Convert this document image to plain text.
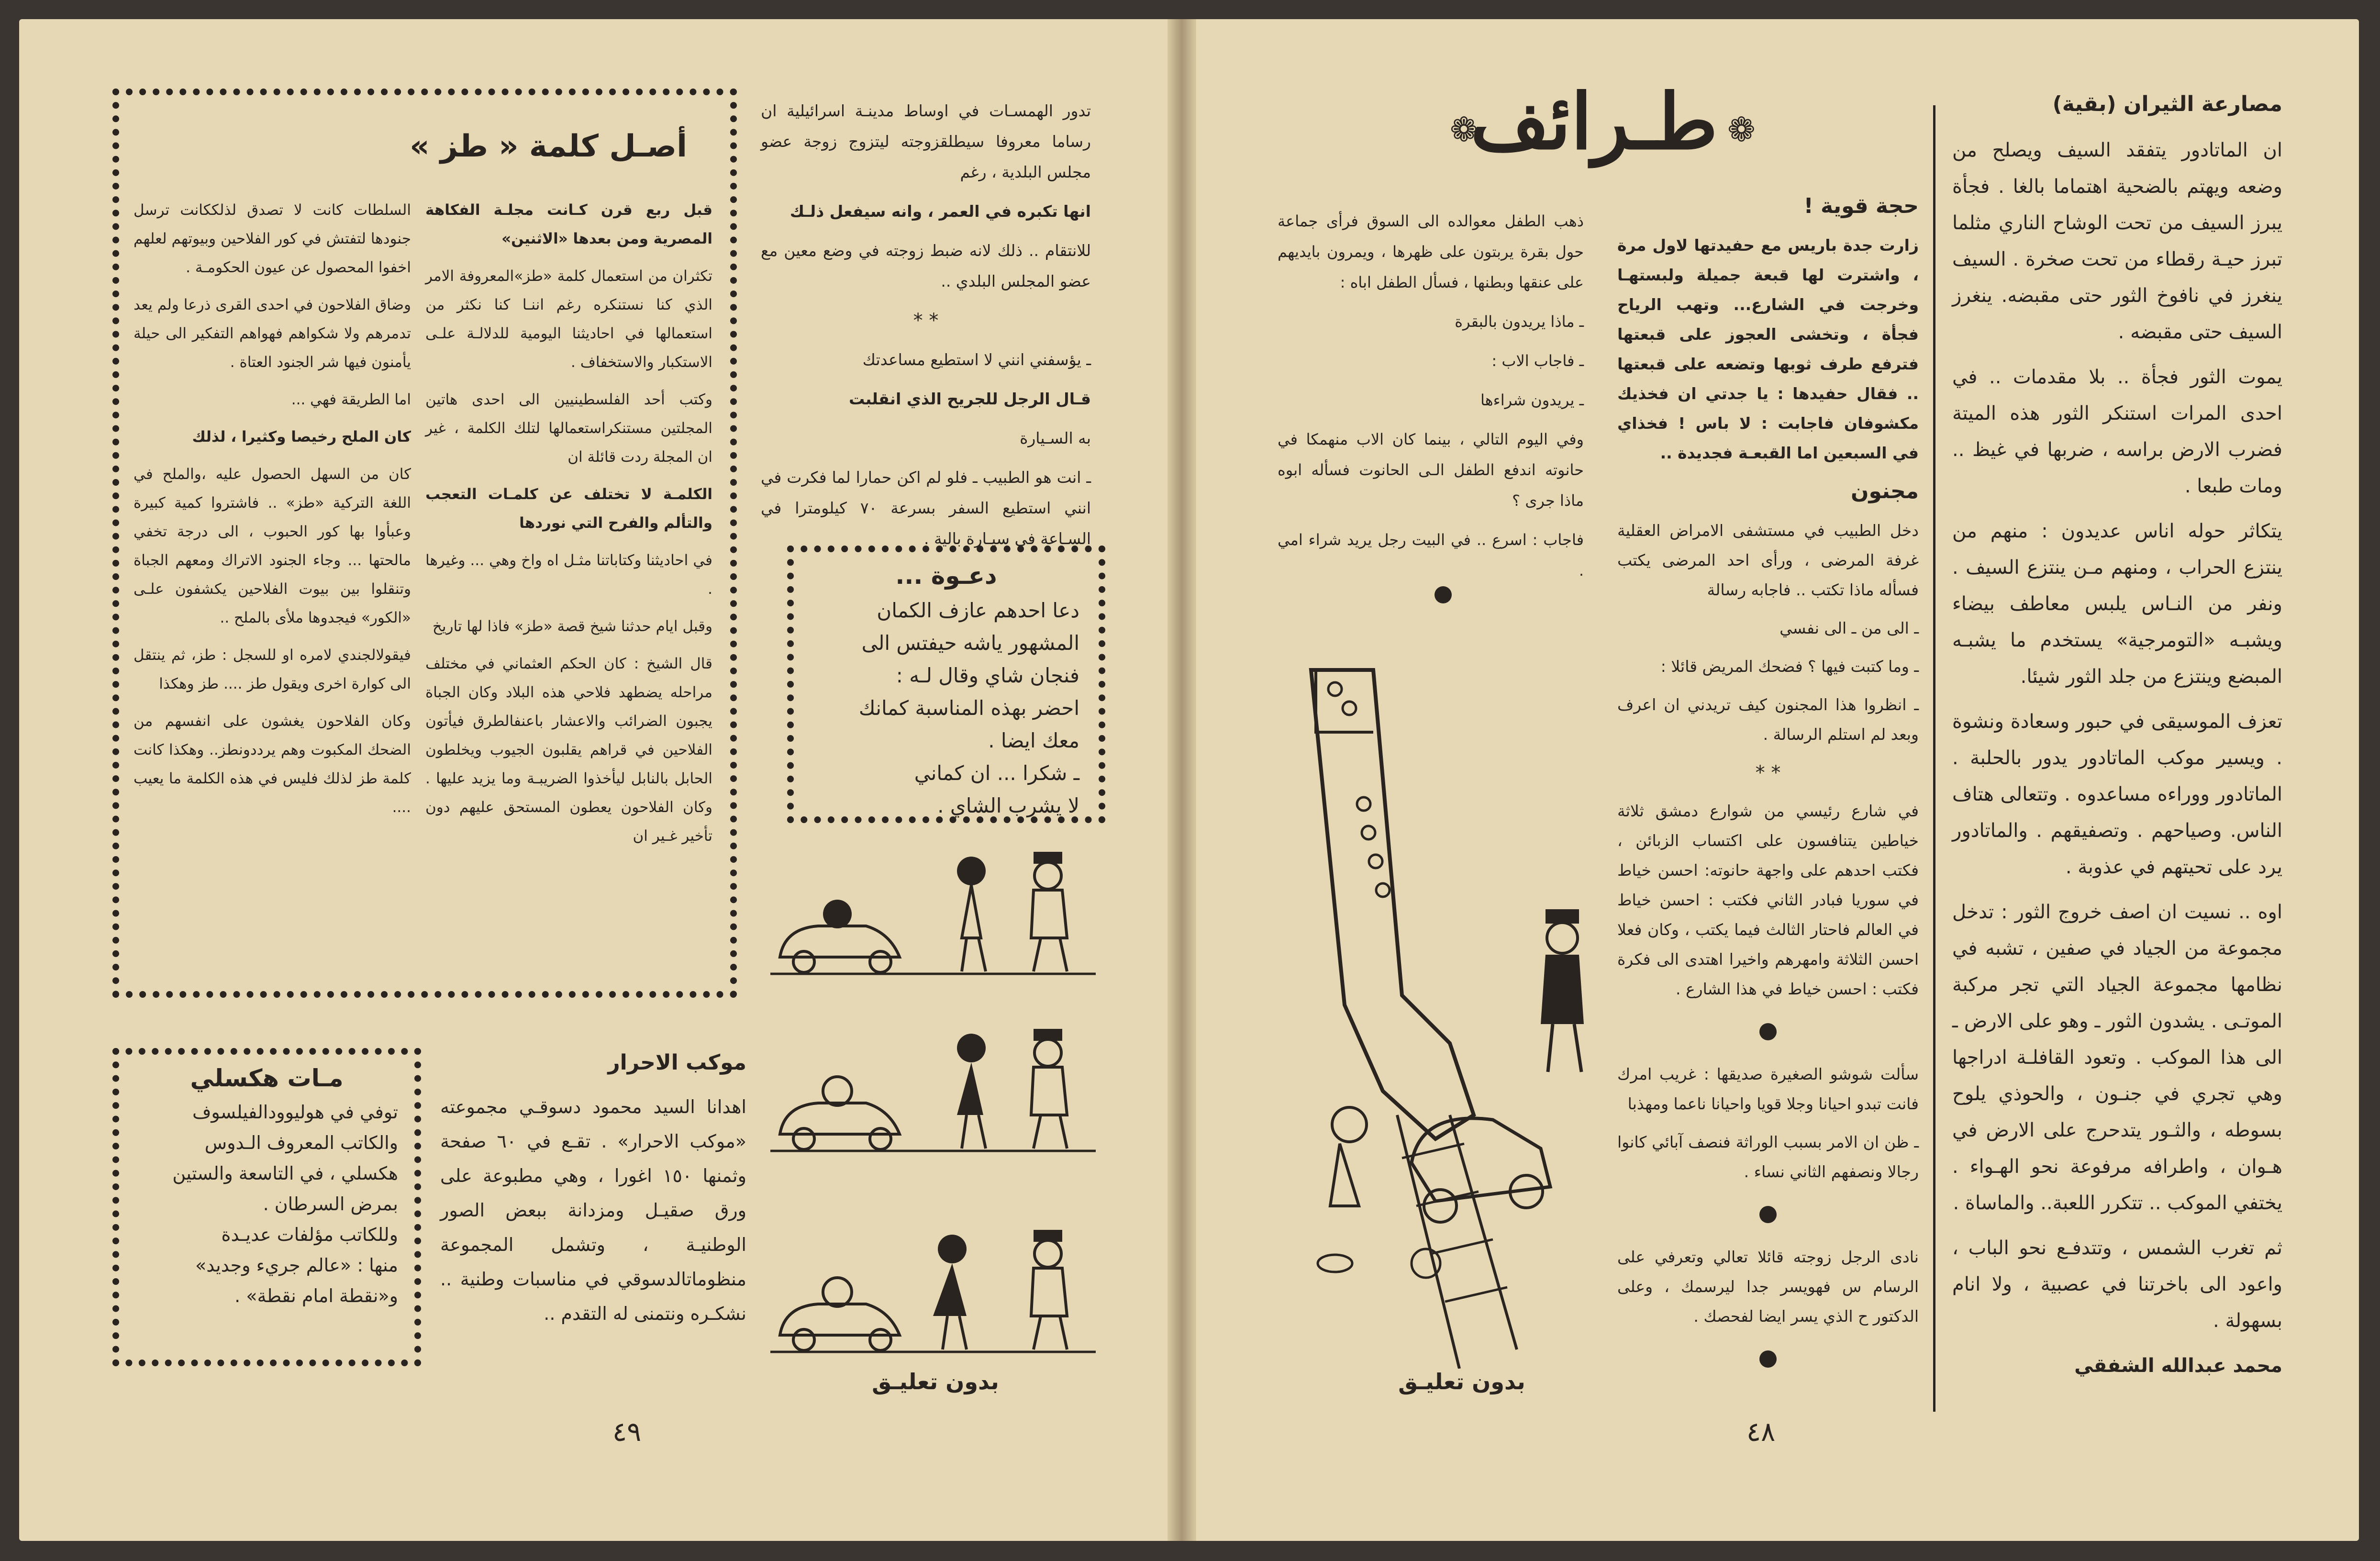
أصـل كلمة « طز »

قبل ربع قرن كـانت مجلـة الفكاهة المصرية ومن بعدها «الاثنين»

تكثران من استعمال كلمة «طز»المعروفة الامر الذي كنا نستنكره رغم اننـا كنا نكثر من استعمالها في احاديثنا اليومية للدلالـة علـى الاستكبار والاستخفاف .

وكتب أحد الفلسطينيين الى احدى هاتين المجلتين مستنكراستعمالها لتلك الكلمة ، غير ان المجلة ردت قائلة ان

الكلمـة لا تختلف عن كلمـات التعجب والتألم والفرح التي نوردها

في احاديثنا وكتاباتنا مثـل اه واخ وهي ... وغيرها .

وقبل ايام حدثنا شيخ قصة «طز» فاذا لها تاريخ

قال الشيخ : كان الحكم العثماني في مختلف مراحله يضطهد فلاحي هذه البلاد وكان الجباة يجبون الضرائب والاعشار باعنفالطرق فيأتون الفلاحين في قراهم يقلبون الجيوب ويخلطون الحابل بالنابل ليأخذوا الضريبـة وما يزيد عليها . وكان الفلاحون يعطون المستحق عليهم دون تأخير غـير ان

السلطات كانت لا تصدق لذلككانت ترسل جنودها لتفتش في كور الفلاحين وبيوتهم لعلهم اخفوا المحصول عن عيون الحكومـة .

وضاق الفلاحون في احدى القرى ذرعا ولم يعد تدمرهم ولا شكواهم فهواهم التفكير الى حيلة يأمنون فيها شر الجنود العتاة .

اما الطريقة فهي ...

كان الملح رخيصا وكثيرا ، لذلك

كان من السهل الحصول عليه ،والملح في اللغة التركية «طز» .. فاشتروا كمية كبيرة وعبأوا بها كور الحبوب ، الى درجة تخفي مالحتها ... وجاء الجنود الاتراك ومعهم الجباة وتنقلوا بين بيوت الفلاحين يكشفون علـى «الكور» فيجدوها ملأى بالملح ..

فيقولالجندي لامره او للسجل : طز، ثم ينتقل الى كوارة اخرى ويقول طز .... طز وهكذا

وكان الفلاحون يغشون على انفسهم من الضحك المكبوت وهم يرددونطز.. وهكذا كانت كلمة طز لذلك فليس في هذه الكلمة ما يعيب ....

تدور الهمسـات في اوساط مدينـة اسرائيلية ان رساما معروفا سيطلقزوجته ليتزوج زوجة عضو مجلس البلدية ، رغم

انها تكبره في العمر ، وانه سيفعل ذلـك

للانتقام .. ذلك لانه ضبط زوجته في وضع معين مع عضو المجلس البلدي ..

* *

ـ يؤسفني انني لا استطيع مساعدتك

قـال الرجل للجريح الذي انقلبت

به السـيارة

ـ انت هو الطبيب ـ فلو لم اكن حمارا لما فكرت في انني استطيع السفر بسرعة ٧٠ كيلومترا في السـاعة في سيـارة بالية .

دعـوة ...
دعا احدهم عازف الكمان
المشهور ياشه حيفتس الى
فنجان شاي وقال لـه :
احضر بهذه المناسبة كمانك
معك ايضا .
ـ شكرا ... ان كماني
لا يشرب الشاي .
بدون تعليـق
موكب الاحرار

اهدانا السيد محمود دسوقـي مجموعته «موكب الاحرار» . تقـع في ٦٠ صفحة وثمنها ١٥٠ اغورا ، وهي مطبوعة على ورق صقيـل ومزدانة ببعض الصور الوطنيـة ، وتشمل المجموعة منظوماتالدسوقي في مناسبات وطنية .. نشكـره ونتمنى له التقدم ..

مـات هكسلي
توفي في هوليوودالفيلسوف
والكاتب المعروف الـدوس
هكسلي ، في التاسعة والستين
بمرض السرطان .
وللكاتب مؤلفات عديـدة
منها : «عالم جريء وجديد»
و«نقطة امام نقطة» .
٤٩
مصارعة الثيران (بقية)

ان الماتادور يتفقد السيف ويصلح من وضعه ويهتم بالضحية اهتماما بالغا . فجأة يبرز السيف من تحت الوشاح الناري مثلما تبرز حيـة رقطاء من تحت صخرة . السيف ينغرز في نافوخ الثور حتى مقبضه. ينغرز السيف حتى مقبضه .

يموت الثور فجأة .. بلا مقدمات .. في احدى المرات استنكر الثور هذه الميتة فضرب الارض براسه ، ضربها في غيظ .. ومات طبعا .

يتكاثر حوله اناس عديدون : منهم من ينتزع الحراب ، ومنهم مـن ينتزع السيف . ونفر من النـاس يلبس معاطف بيضاء ويشبـه «التومرجية» يستخدم ما يشبـه المبضع وينتزع من جلد الثور شيئا.

تعزف الموسيقى في حبور وسعادة ونشوة . ويسير موكب الماتادور يدور بالحلبة . الماتادور ووراءه مساعدوه . وتتعالى هتاف الناس. وصياحهم . وتصفيقهم . والماتادور يرد على تحيتهم في عذوبة .

اوه .. نسيت ان اصف خروج الثور : تدخل مجموعة من الجياد في صفين ، تشبه في نظامها مجموعة الجياد التي تجر مركبة الموتـى . يشدون الثور ـ وهو على الارض ـ الى هذا الموكب . وتعود القافلـة ادراجها وهي تجري في جنـون ، والحوذي يلوح بسوطه ، والثـور يتدحرج على الارض في هـوان ، واطرافه مرفوعة نحو الهـواء . يختفي الموكب .. تتكرر اللعبة.. والماساة .

ثم تغرب الشمس ، وتتدفـع نحو الباب ، واعود الى باخرتنا في عصبية ، ولا انام بسهولة .

محمد عبدالله الشفقي
❁
طـرائف
❁
حجة قوية !

زارت جدة باريس مع حفيدتها لاول مرة ، واشترت لها قبعة جميلة ولبستهـا وخرجت في الشارع... وتهب الرياح فجأة ، وتخشى العجوز على قبعتها فترفع طرف ثوبها وتضعه على قبعتها .. فقال حفيدها : يا جدتي ان فخذيك مكشوفان فاجابت : لا باس ! فخذاي في السبعين اما القبعـة فجديدة ..

مجنون

دخل الطبيب في مستشفى الامراض العقلية غرفة المرضى ، ورأى احد المرضى يكتب فسأله ماذا تكتب .. فاجابه رسالة

ـ الى من ـ الى نفسي

ـ وما كتبت فيها ؟ فضحك المريض قائلا :

ـ انظروا هذا المجنون كيف تريدني ان اعرف وبعد لم استلم الرسالة .

* *

في شارع رئيسي من شوارع دمشق ثلاثة خياطين يتنافسون على اكتساب الزبائن ، فكتب احدهم على واجهة حانوته: احسن خياط في سوريا فبادر الثاني فكتب : احسن خياط في العالم فاحتار الثالث فيما يكتب ، وكان فعلا احسن الثلاثة وامهرهم واخيرا اهتدى الى فكرة فكتب : احسن خياط في هذا الشارع .

سألت شوشو الصغيرة صديقها : غريب امرك فانت تبدو احيانا وجلا قويا واحيانا ناعما ومهذبا

ـ ظن ان الامر بسبب الوراثة فنصف آبائي كانوا رجالا ونصفهم الثاني نساء .

نادى الرجل زوجته قائلا تعالي وتعرفي على الرسام س فهويسر جدا ليرسمك ، وعلى الدكتور ح الذي يسر ايضا لفحصك .

ذهب الطفل معوالده الى السوق فرأى جماعة حول بقرة يربتون على ظهرها ، ويمرون بايديهم على عنقها وبطنها ، فسأل الطفل اباه :

ـ ماذا يريدون بالبقرة

ـ فاجاب الاب :

ـ يريدون شراءها

وفي اليوم التالي ، بينما كان الاب منهمكا في حانوته اندفع الطفل الـى الحانوت فسأله ابوه ماذا جرى ؟

فاجاب : اسرع .. في البيت رجل يريد شراء امي .

بدون تعليـق
٤٨
